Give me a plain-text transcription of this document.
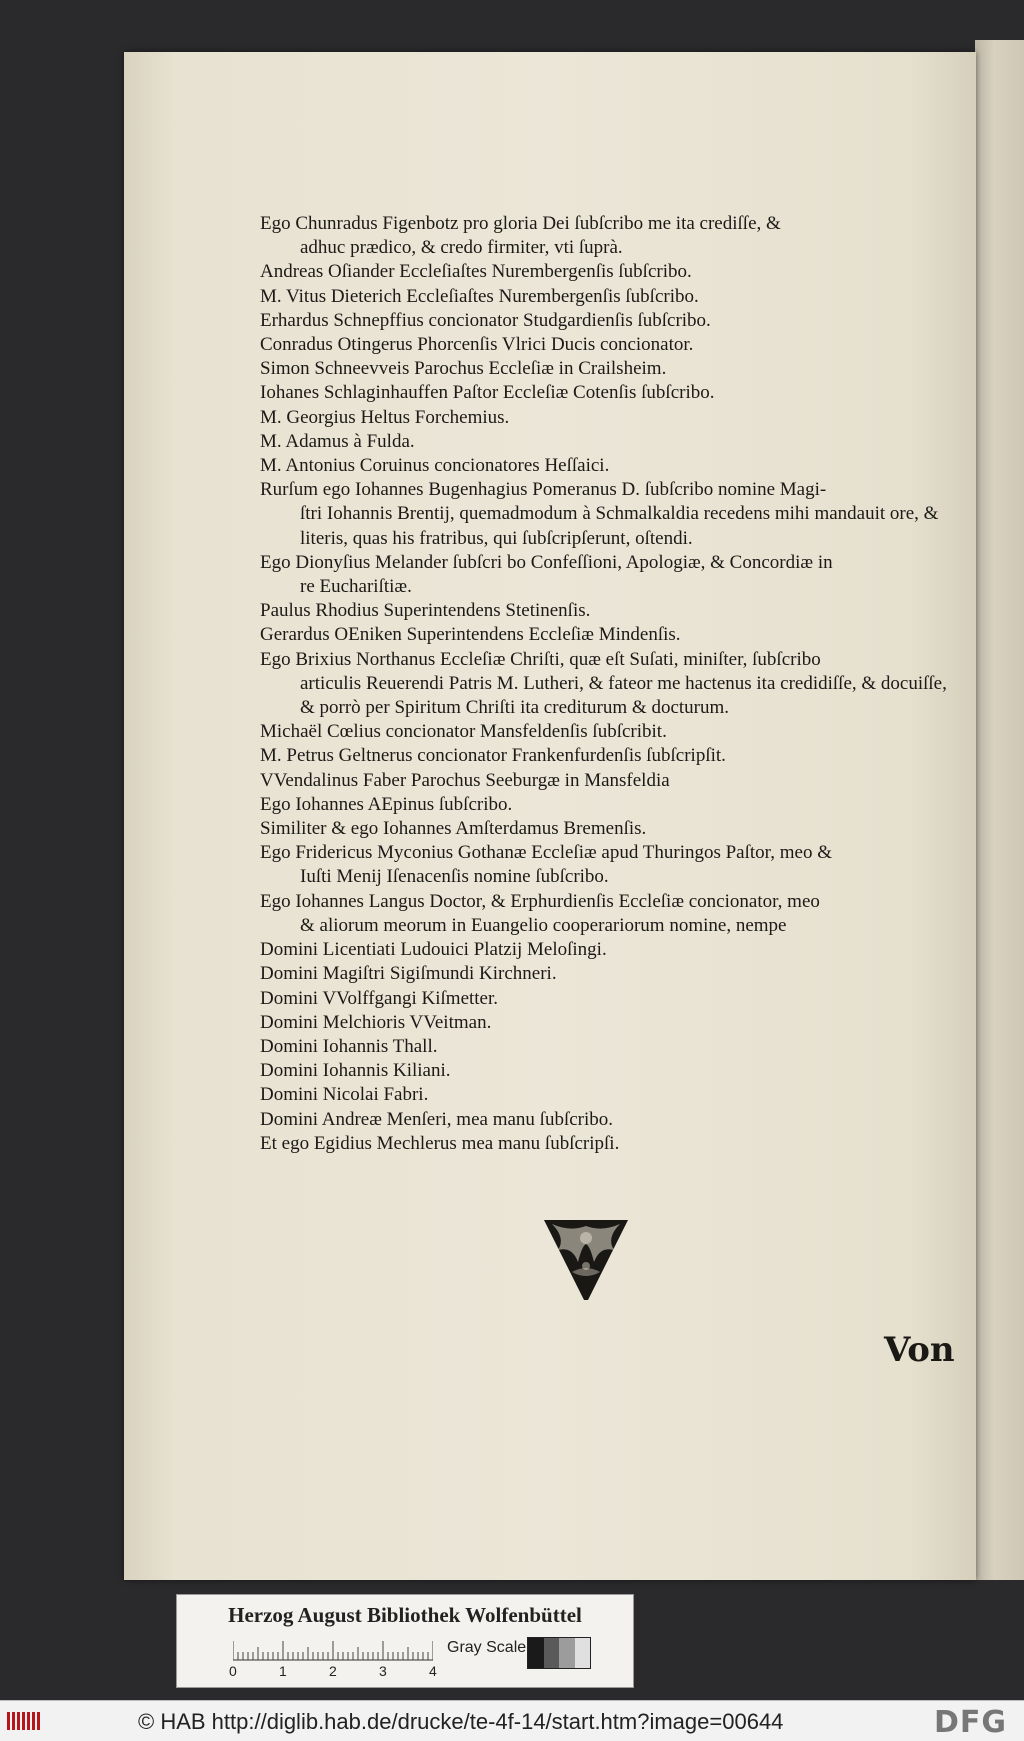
Ego Chunradus Figenbotz pro gloria Dei ſubſcribo me ita crediſſe, &
adhuc prædico, & credo firmiter, vti ſuprà.
Andreas Oſiander Eccleſiaſtes Nurembergenſis ſubſcribo.
M. Vitus Dieterich Eccleſiaſtes Nurembergenſis ſubſcribo.
Erhardus Schnepffius concionator Studgardienſis ſubſcribo.
Conradus Otingerus Phorcenſis Vlrici Ducis concionator.
Simon Schneevveis Parochus Eccleſiæ in Crailsheim.
Iohanes Schlaginhauffen Paſtor Eccleſiæ Cotenſis ſubſcribo.
M. Georgius Heltus Forchemius.
M. Adamus à Fulda.
M. Antonius Coruinus concionatores Heſſaici.
Rurſum ego Iohannes Bugenhagius Pomeranus D. ſubſcribo nomine Magi-
ſtri Iohannis Brentij, quemadmodum à Schmalkaldia recedens mihi mandauit ore, & literis, quas his fratribus, qui ſubſcripſerunt, oſtendi.
Ego Dionyſius Melander ſubſcri bo Confeſſioni, Apologiæ, & Concordiæ in
re Euchariſtiæ.
Paulus Rhodius Superintendens Stetinenſis.
Gerardus OEniken Superintendens Eccleſiæ Mindenſis.
Ego Brixius Northanus Eccleſiæ Chriſti, quæ eſt Suſati, miniſter, ſubſcribo
articulis Reuerendi Patris M. Lutheri, & fateor me hactenus ita credidiſſe, & docuiſſe, & porrò per Spiritum Chriſti ita crediturum & docturum.
Michaël Cœlius concionator Mansfeldenſis ſubſcribit.
M. Petrus Geltnerus concionator Frankenfurdenſis ſubſcripſit.
VVendalinus Faber Parochus Seeburgæ in Mansfeldia
Ego Iohannes AEpinus ſubſcribo.
Similiter & ego Iohannes Amſterdamus Bremenſis.
Ego Fridericus Myconius Gothanæ Eccleſiæ apud Thuringos Paſtor, meo &
Iuſti Menij Iſenacenſis nomine ſubſcribo.
Ego Iohannes Langus Doctor, & Erphurdienſis Eccleſiæ concionator, meo
& aliorum meorum in Euangelio cooperariorum nomine, nempe
Domini Licentiati Ludouici Platzij Meloſingi.
Domini Magiſtri Sigiſmundi Kirchneri.
Domini VVolffgangi Kiſmetter.
Domini Melchioris VVeitman.
Domini Iohannis Thall.
Domini Iohannis Kiliani.
Domini Nicolai Fabri.
Domini Andreæ Menſeri, mea manu ſubſcribo.
Et ego Egidius Mechlerus mea manu ſubſcripſi.
Von
Herzog August Bibliothek Wolfenbüttel
0	1	2	3	4
Gray Scale
© HAB http://diglib.hab.de/drucke/te-4f-14/start.htm?image=00644	DFG
